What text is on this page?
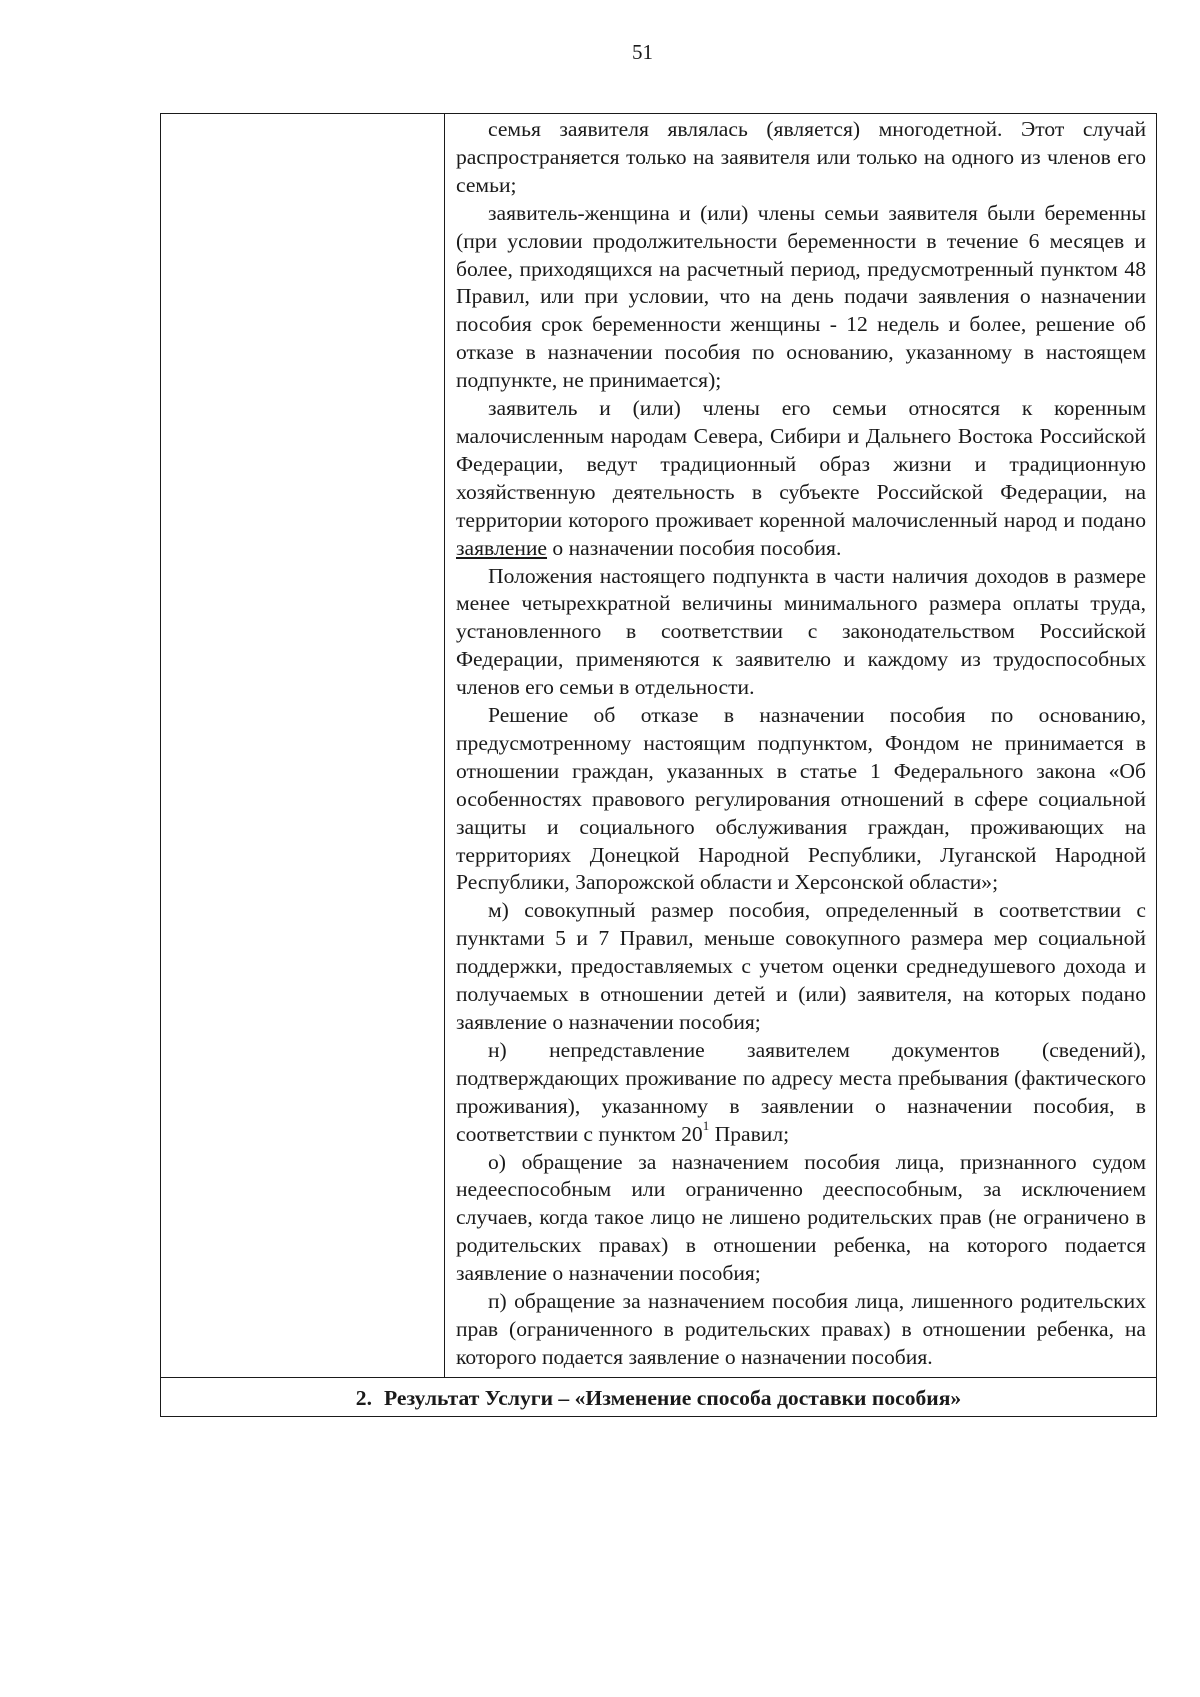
51

семья заявителя являлась (является) многодетной. Этот случай распространяется только на заявителя или только на одного из членов его семьи;

заявитель-женщина и (или) члены семьи заявителя были беременны (при условии продолжительности беременности в течение 6 месяцев и более, приходящихся на расчетный период, предусмотренный пунктом 48 Правил, или при условии, что на день подачи заявления о назначении пособия срок беременности женщины - 12 недель и более, решение об отказе в назначении пособия по основанию, указанному в настоящем подпункте, не принимается);

заявитель и (или) члены его семьи относятся к коренным малочисленным народам Севера, Сибири и Дальнего Востока Российской Федерации, ведут традиционный образ жизни и традиционную хозяйственную деятельность в субъекте Российской Федерации, на территории которого проживает коренной малочисленный народ и подано заявление о назначении пособия пособия.

Положения настоящего подпункта в части наличия доходов в размере менее четырехкратной величины минимального размера оплаты труда, установленного в соответствии с законодательством Российской Федерации, применяются к заявителю и каждому из трудоспособных членов его семьи в отдельности.

Решение об отказе в назначении пособия по основанию, предусмотренному настоящим подпунктом, Фондом не принимается в отношении граждан, указанных в статье 1 Федерального закона «Об особенностях правового регулирования отношений в сфере социальной защиты и социального обслуживания граждан, проживающих на территориях Донецкой Народной Республики, Луганской Народной Республики, Запорожской области и Херсонской области»;

м) совокупный размер пособия, определенный в соответствии с пунктами 5 и 7 Правил, меньше совокупного размера мер социальной поддержки, предоставляемых с учетом оценки среднедушевого дохода и получаемых в отношении детей и (или) заявителя, на которых подано заявление о назначении пособия;

н) непредставление заявителем документов (сведений), подтверждающих проживание по адресу места пребывания (фактического проживания), указанному в заявлении о назначении пособия, в соответствии с пунктом 20$^1$ Правил;

о) обращение за назначением пособия лица, признанного судом недееспособным или ограниченно дееспособным, за исключением случаев, когда такое лицо не лишено родительских прав (не ограничено в родительских правах) в отношении ребенка, на которого подается заявление о назначении пособия;

п) обращение за назначением пособия лица, лишенного родительских прав (ограниченного в родительских правах) в отношении ребенка, на которого подается заявление о назначении пособия.

2. Результат Услуги – «Изменение способа доставки пособия»
